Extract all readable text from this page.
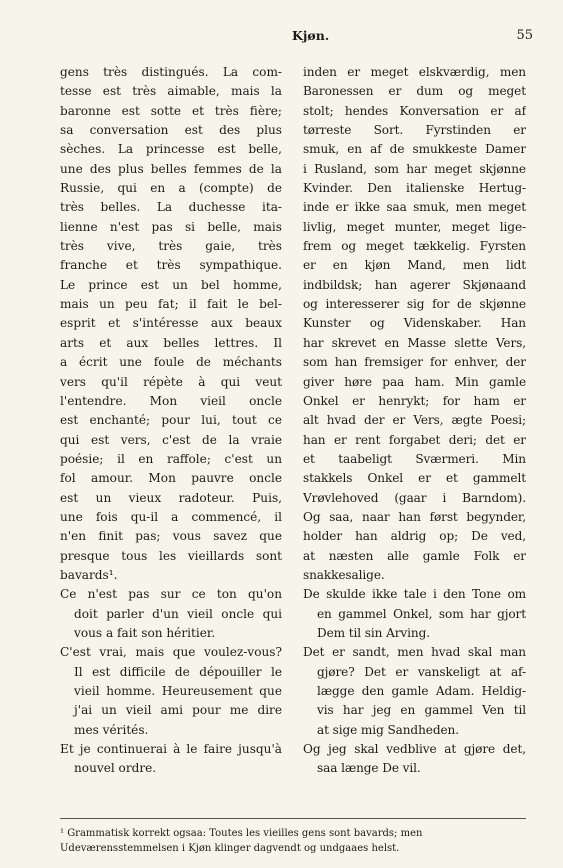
Kjøn.	55
gens très distingués. La com-
tesse est très aimable, mais la
baronne est sotte et très fière;
sa conversation est des plus
sèches. La princesse est belle,
une des plus belles femmes de la
Russie, qui en a (compte) de
très belles. La duchesse ita-
lienne n'est pas si belle, mais
très vive, très gaie, très
franche et très sympathique.
Le prince est un bel homme,
mais un peu fat; il fait le bel-
esprit et s'intéresse aux beaux
arts et aux belles lettres. Il
a écrit une foule de méchants
vers qu'il répète à qui veut
l'entendre. Mon vieil oncle
est enchanté; pour lui, tout ce
qui est vers, c'est de la vraie
poésie; il en raffole; c'est un
fol amour. Mon pauvre oncle
est un vieux radoteur. Puis,
une fois qu-il a commencé, il
n'en finit pas; vous savez que
presque tous les vieillards sont
bavards¹.
Ce n'est pas sur ce ton qu'on
doit parler d'un vieil oncle qui
vous a fait son héritier.
C'est vrai, mais que voulez-vous?
Il est difficile de dépouiller le
vieil homme. Heureusement que
j'ai un vieil ami pour me dire
mes vérités.
Et je continuerai à le faire jusqu'à
nouvel ordre.
inden er meget elskværdig, men
Baronessen er dum og meget
stolt; hendes Konversation er af
tørreste Sort. Fyrstinden er
smuk, en af de smukkeste Damer
i Rusland, som har meget skjønne
Kvinder. Den italienske Hertug-
inde er ikke saa smuk, men meget
livlig, meget munter, meget lige-
frem og meget tækkelig. Fyrsten
er en kjøn Mand, men lidt
indbildsk; han agerer Skjønaand
og interesserer sig for de skjønne
Kunster og Videnskaber. Han
har skrevet en Masse slette Vers,
som han fremsiger for enhver, der
giver høre paa ham. Min gamle
Onkel er henrykt; for ham er
alt hvad der er Vers, ægte Poesi;
han er rent forgabet deri; det er
et taabeligt Sværmeri. Min
stakkels Onkel er et gammelt
Vrøvlehoved (gaar i Barndom).
Og saa, naar han først begynder,
holder han aldrig op; De ved,
at næsten alle gamle Folk er
snakkesalige.
De skulde ikke tale i den Tone om
en gammel Onkel, som har gjort
Dem til sin Arving.
Det er sandt, men hvad skal man
gjøre? Det er vanskeligt at af-
lægge den gamle Adam. Heldig-
vis har jeg en gammel Ven til
at sige mig Sandheden.
Og jeg skal vedblive at gjøre det,
saa længe De vil.
¹ Grammatisk korrekt ogsaa: Toutes les vieilles gens sont bavards; men
Udeværensstemmelsen i Kjøn klinger dagvendt og undgaaes helst.
